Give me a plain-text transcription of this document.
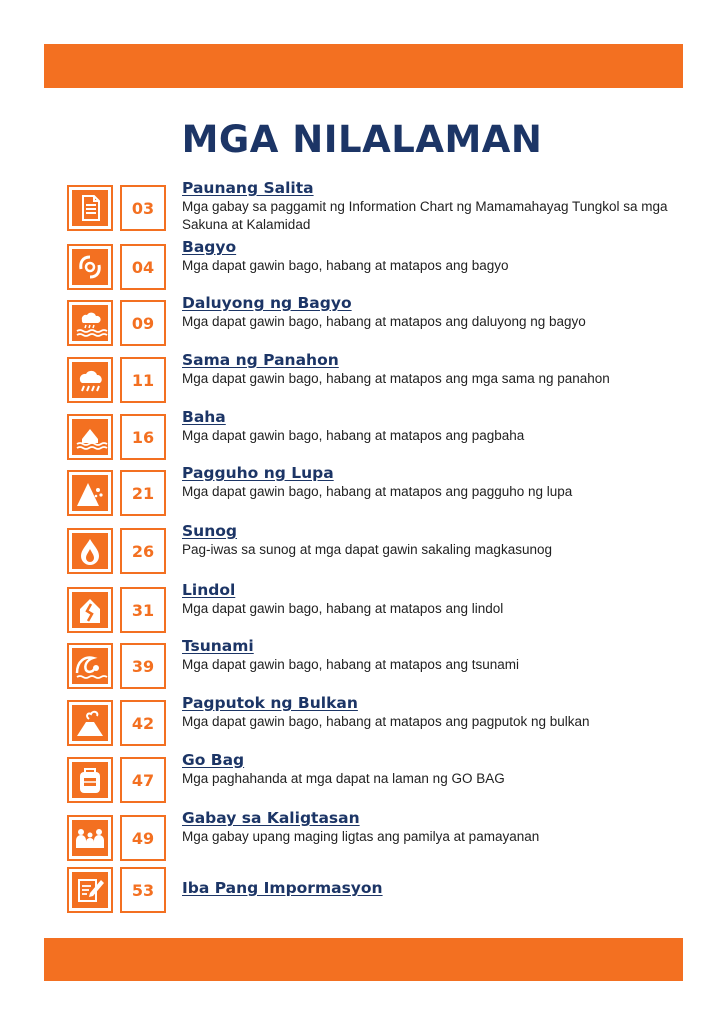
MGA NILALAMAN
03
Paunang Salita
Mga gabay sa paggamit ng Information Chart ng Mamamahayag Tungkol sa mga Sakuna at Kalamidad
04
Bagyo
Mga dapat gawin bago, habang at matapos ang bagyo
09
Daluyong ng Bagyo
Mga dapat gawin bago, habang at matapos ang daluyong ng bagyo
11
Sama ng Panahon
Mga dapat gawin bago, habang at matapos ang mga sama ng panahon
16
Baha
Mga dapat gawin bago, habang at matapos ang pagbaha
21
Pagguho ng Lupa
Mga dapat gawin bago, habang at matapos ang pagguho ng lupa
26
Sunog
Pag-iwas sa sunog at mga dapat gawin sakaling magkasunog
31
Lindol
Mga dapat gawin bago, habang at matapos ang lindol
39
Tsunami
Mga dapat gawin bago, habang at matapos ang tsunami
42
Pagputok ng Bulkan
Mga dapat gawin bago, habang at matapos ang pagputok ng bulkan
47
Go Bag
Mga paghahanda at mga dapat na laman ng GO BAG
49
Gabay sa Kaligtasan
Mga gabay upang maging ligtas ang pamilya at pamayanan
53	Iba Pang Impormasyon
